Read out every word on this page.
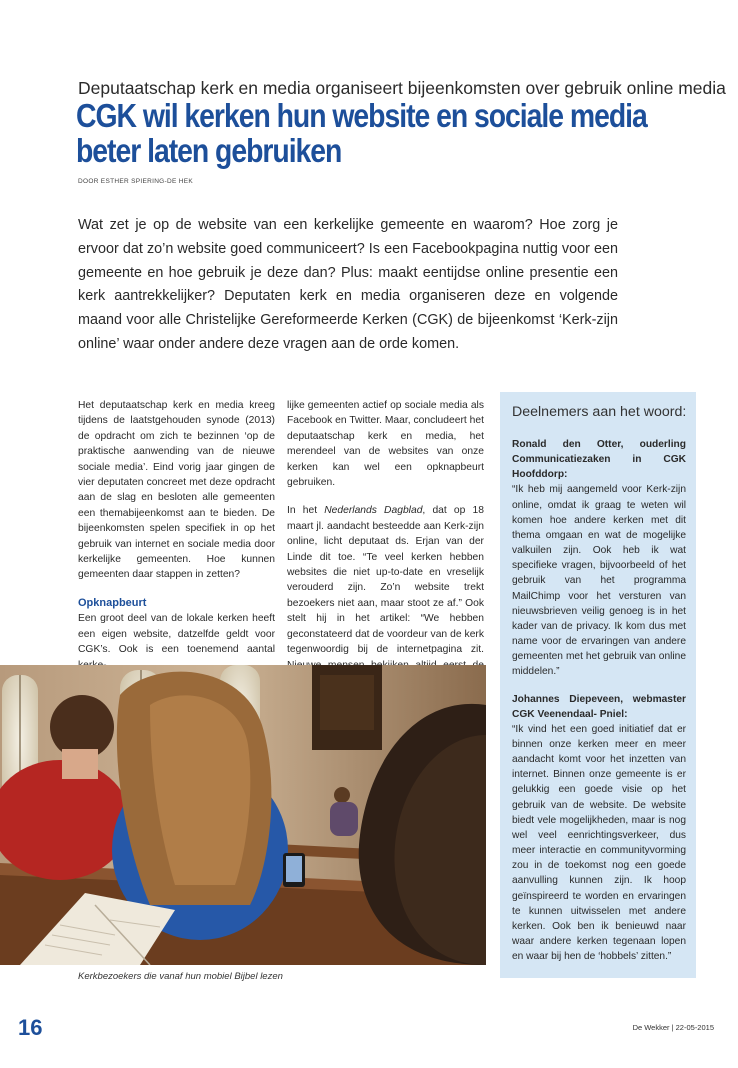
Deputaatschap kerk en media organiseert bijeenkomsten over gebruik online media
CGK wil kerken hun website en sociale media
beter laten gebruiken
DOOR ESTHER SPIERING-DE HEK

Wat zet je op de website van een kerkelijke gemeente en waarom? Hoe zorg je ervoor dat zo’n website goed communiceert? Is een Facebookpagina nuttig voor een gemeente en hoe gebruik je deze dan? Plus: maakt eentijdse online presentie een kerk aantrekkelijker? Deputaten kerk en media organiseren deze en volgende maand voor alle Christelijke Gereformeerde Kerken (CGK) de bijeenkomst ‘Kerk-zijn online’ waar onder andere deze vragen aan de orde komen.

Het deputaatschap kerk en media kreeg tijdens de laatstgehouden synode (2013) de opdracht om zich te bezinnen ‘op de praktische aanwending van de nieuwe sociale media’. Eind vorig jaar gingen de vier deputaten concreet met deze opdracht aan de slag en besloten alle gemeenten een themabijeenkomst aan te bieden. De bijeenkomsten spelen specifiek in op het gebruik van internet en sociale media door kerkelijke gemeenten. Hoe kunnen gemeenten daar stappen in zetten?

Opknapbeurt

Een groot deel van de lokale kerken heeft een eigen website, datzelfde geldt voor CGK’s. Ook is een toenemend aantal

lijke gemeenten actief op sociale media als Facebook en Twitter. Maar, concludeert het deputaatschap kerk en media, het merendeel van de websites van onze kerken kan wel een opknapbeurt gebruiken.

In het Nederlands Dagblad, dat op 18 maart jl. aandacht besteedde aan Kerk-zijn online, licht deputaat ds. Erjan van der Linde dit toe. “Te veel kerken hebben websites die niet up-to-date en vreselijk verouderd zijn. Zo’n website trekt bezoekers niet aan, maar stoot ze af.” Ook stelt hij in het artikel: “We hebben geconstateerd dat de voordeur van de kerk tegenwoordig bij de internetpagina zit.

Deelnemers aan het woord:

Ronald den Otter, ouderling Communicatiezaken in CGK Hoofddorp:

“Ik heb mij aangemeld voor Kerk-zijn online, omdat ik graag te weten wil komen hoe andere kerken met dit thema omgaan en wat de mogelijke valkuilen zijn. Ook heb ik wat specifieke vragen, bijvoorbeeld of het gebruik van het programma MailChimp voor het versturen van nieuwsbrieven veilig genoeg is in het kader van de privacy. Ik kom dus met name voor de ervaringen van andere gemeenten met het gebruik van online middelen.”

Johannes Diepeveen, webmaster CGK Veenendaal- Pniel:

“Ik vind het een goed initiatief dat er binnen onze kerken meer en meer aandacht komt voor het inzetten van internet. Binnen onze gemeente is er gelukkig een goede visie op het gebruik van de website. De website biedt vele mogelijkheden, maar is nog wel veel eenrichtingsverkeer, dus meer interactie en communityvorming zou in de toekomst nog een goede aanvulling kunnen zijn. Ik hoop geïnspireerd te worden en ervaringen te kunnen uitwisselen met andere kerken. Ook ben ik benieuwd naar waar andere kerken tegenaan lopen en waar bij hen de ‘hobbels’ zitten.”

Kerkbezoekers die vanaf hun mobiel Bijbel lezen
16	De Wekker | 22-05-2015
